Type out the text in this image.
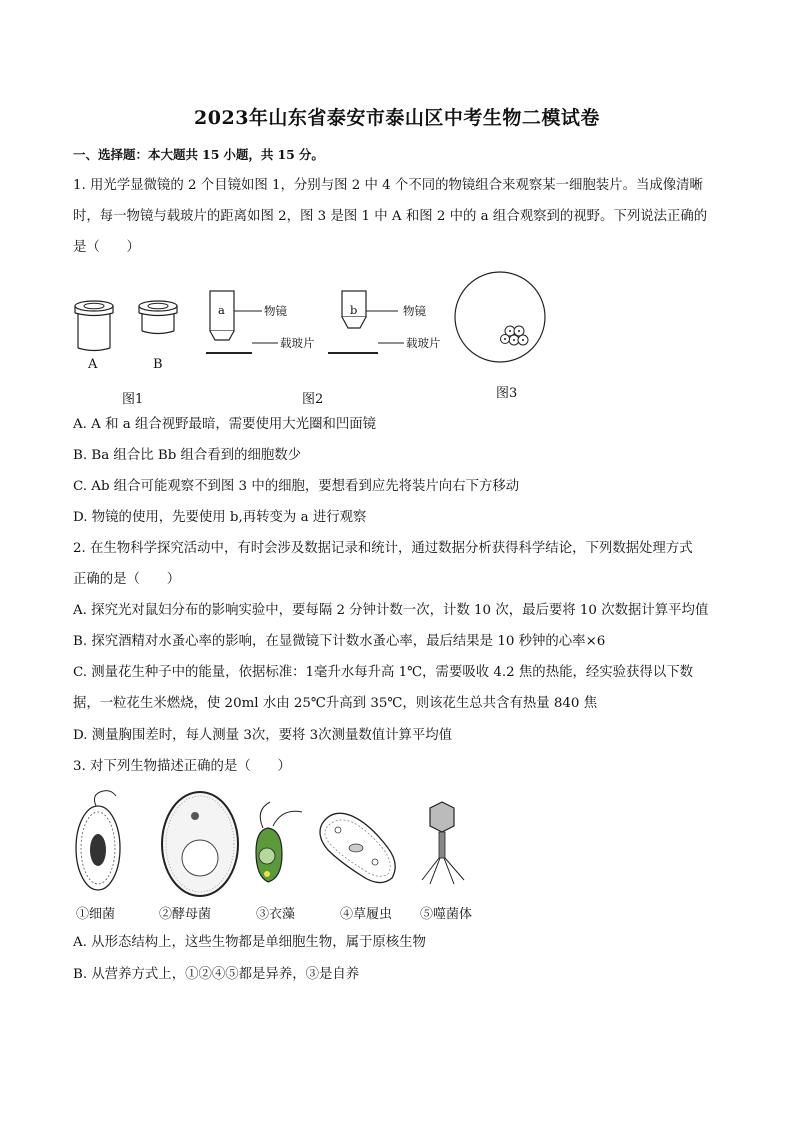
2023年山东省泰安市泰山区中考生物二模试卷
一、选择题：本大题共 15 小题，共 15 分。
1. 用光学显微镜的 2 个目镜如图 1，分别与图 2 中 4 个不同的物镜组合来观察某一细胞装片。当成像清晰
时，每一物镜与载玻片的距离如图 2，图 3 是图 1 中 A 和图 2 中的 a 组合观察到的视野。下列说法正确的
是（　　）
A	B
图1
a	b
物镜	物镜
载玻片	载玻片
图2	图3
A. A 和 a 组合视野最暗，需要使用大光圈和凹面镜
B. Ba 组合比 Bb 组合看到的细胞数少
C. Ab 组合可能观察不到图 3 中的细胞，要想看到应先将装片向右下方移动
D. 物镜的使用，先要使用 b,再转变为 a 进行观察
2. 在生物科学探究活动中，有时会涉及数据记录和统计，通过数据分析获得科学结论，下列数据处理方式
正确的是（　　）
A. 探究光对鼠妇分布的影响实验中，要每隔 2 分钟计数一次，计数 10 次，最后要将 10 次数据计算平均值
B. 探究酒精对水蚤心率的影响，在显微镜下计数水蚤心率，最后结果是 10 秒钟的心率×6
C. 测量花生种子中的能量，依据标准：1毫升水每升高 1℃，需要吸收 4.2 焦的热能，经实验获得以下数
据，一粒花生米燃烧，使 20ml 水由 25℃升高到 35℃，则该花生总共含有热量 840 焦
D. 测量胸围差时，每人测量 3次，要将 3次测量数值计算平均值
3. 对下列生物描述正确的是（　　）
①细菌	②酵母菌	③衣藻	④草履虫 ⑤噬菌体
A. 从形态结构上，这些生物都是单细胞生物，属于原核生物
B. 从营养方式上，①②④⑤都是异养，③是自养
